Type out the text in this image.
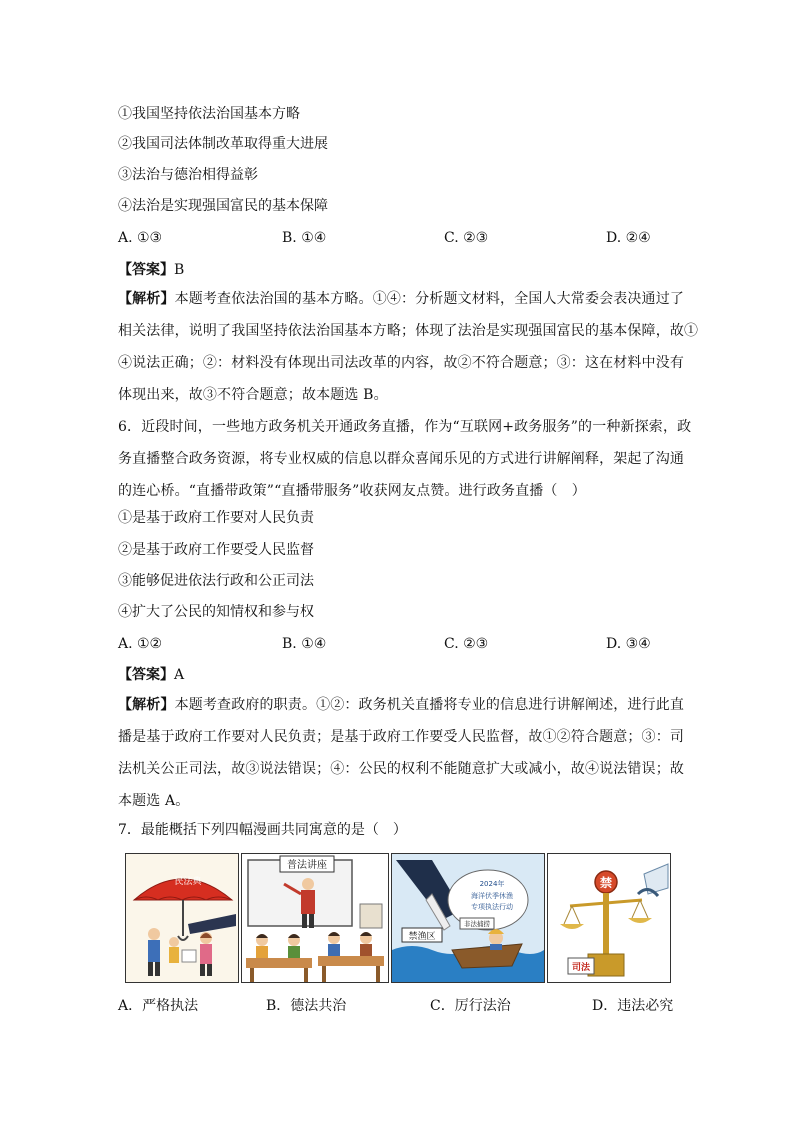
①我国坚持依法治国基本方略
②我国司法体制改革取得重大进展
③法治与德治相得益彰
④法治是实现强国富民的基本保障
A. ①③	B. ①④	C. ②③	D. ②④
【答案】B
【解析】本题考查依法治国的基本方略。①④：分析题文材料，全国人大常委会表决通过了
相关法律，说明了我国坚持依法治国基本方略；体现了法治是实现强国富民的基本保障，故①
④说法正确；②：材料没有体现出司法改革的内容，故②不符合题意；③：这在材料中没有
体现出来，故③不符合题意；故本题选 B。
6．近段时间，一些地方政务机关开通政务直播，作为“互联网+政务服务”的一种新探索，政
务直播整合政务资源，将专业权威的信息以群众喜闻乐见的方式进行讲解阐释，架起了沟通
的连心桥。“直播带政策”“直播带服务”收获网友点赞。进行政务直播（　）
①是基于政府工作要对人民负责
②是基于政府工作要受人民监督
③能够促进依法行政和公正司法
④扩大了公民的知情权和参与权
A. ①②	B. ①④	C. ②③	D. ③④
【答案】A
【解析】本题考查政府的职责。①②：政务机关直播将专业的信息进行讲解阐述，进行此直
播是基于政府工作要对人民负责；是基于政府工作要受人民监督，故①②符合题意；③：司
法机关公正司法，故③说法错误；④：公民的权利不能随意扩大或减小，故④说法错误；故
本题选 A。
7．最能概括下列四幅漫画共同寓意的是（　）
民法典
普法讲座
2024年
海洋伏季休渔
专项执法行动
非法捕捞
禁渔区
禁
司法
A．严格执法	B．德法共治	C．厉行法治	D．违法必究
